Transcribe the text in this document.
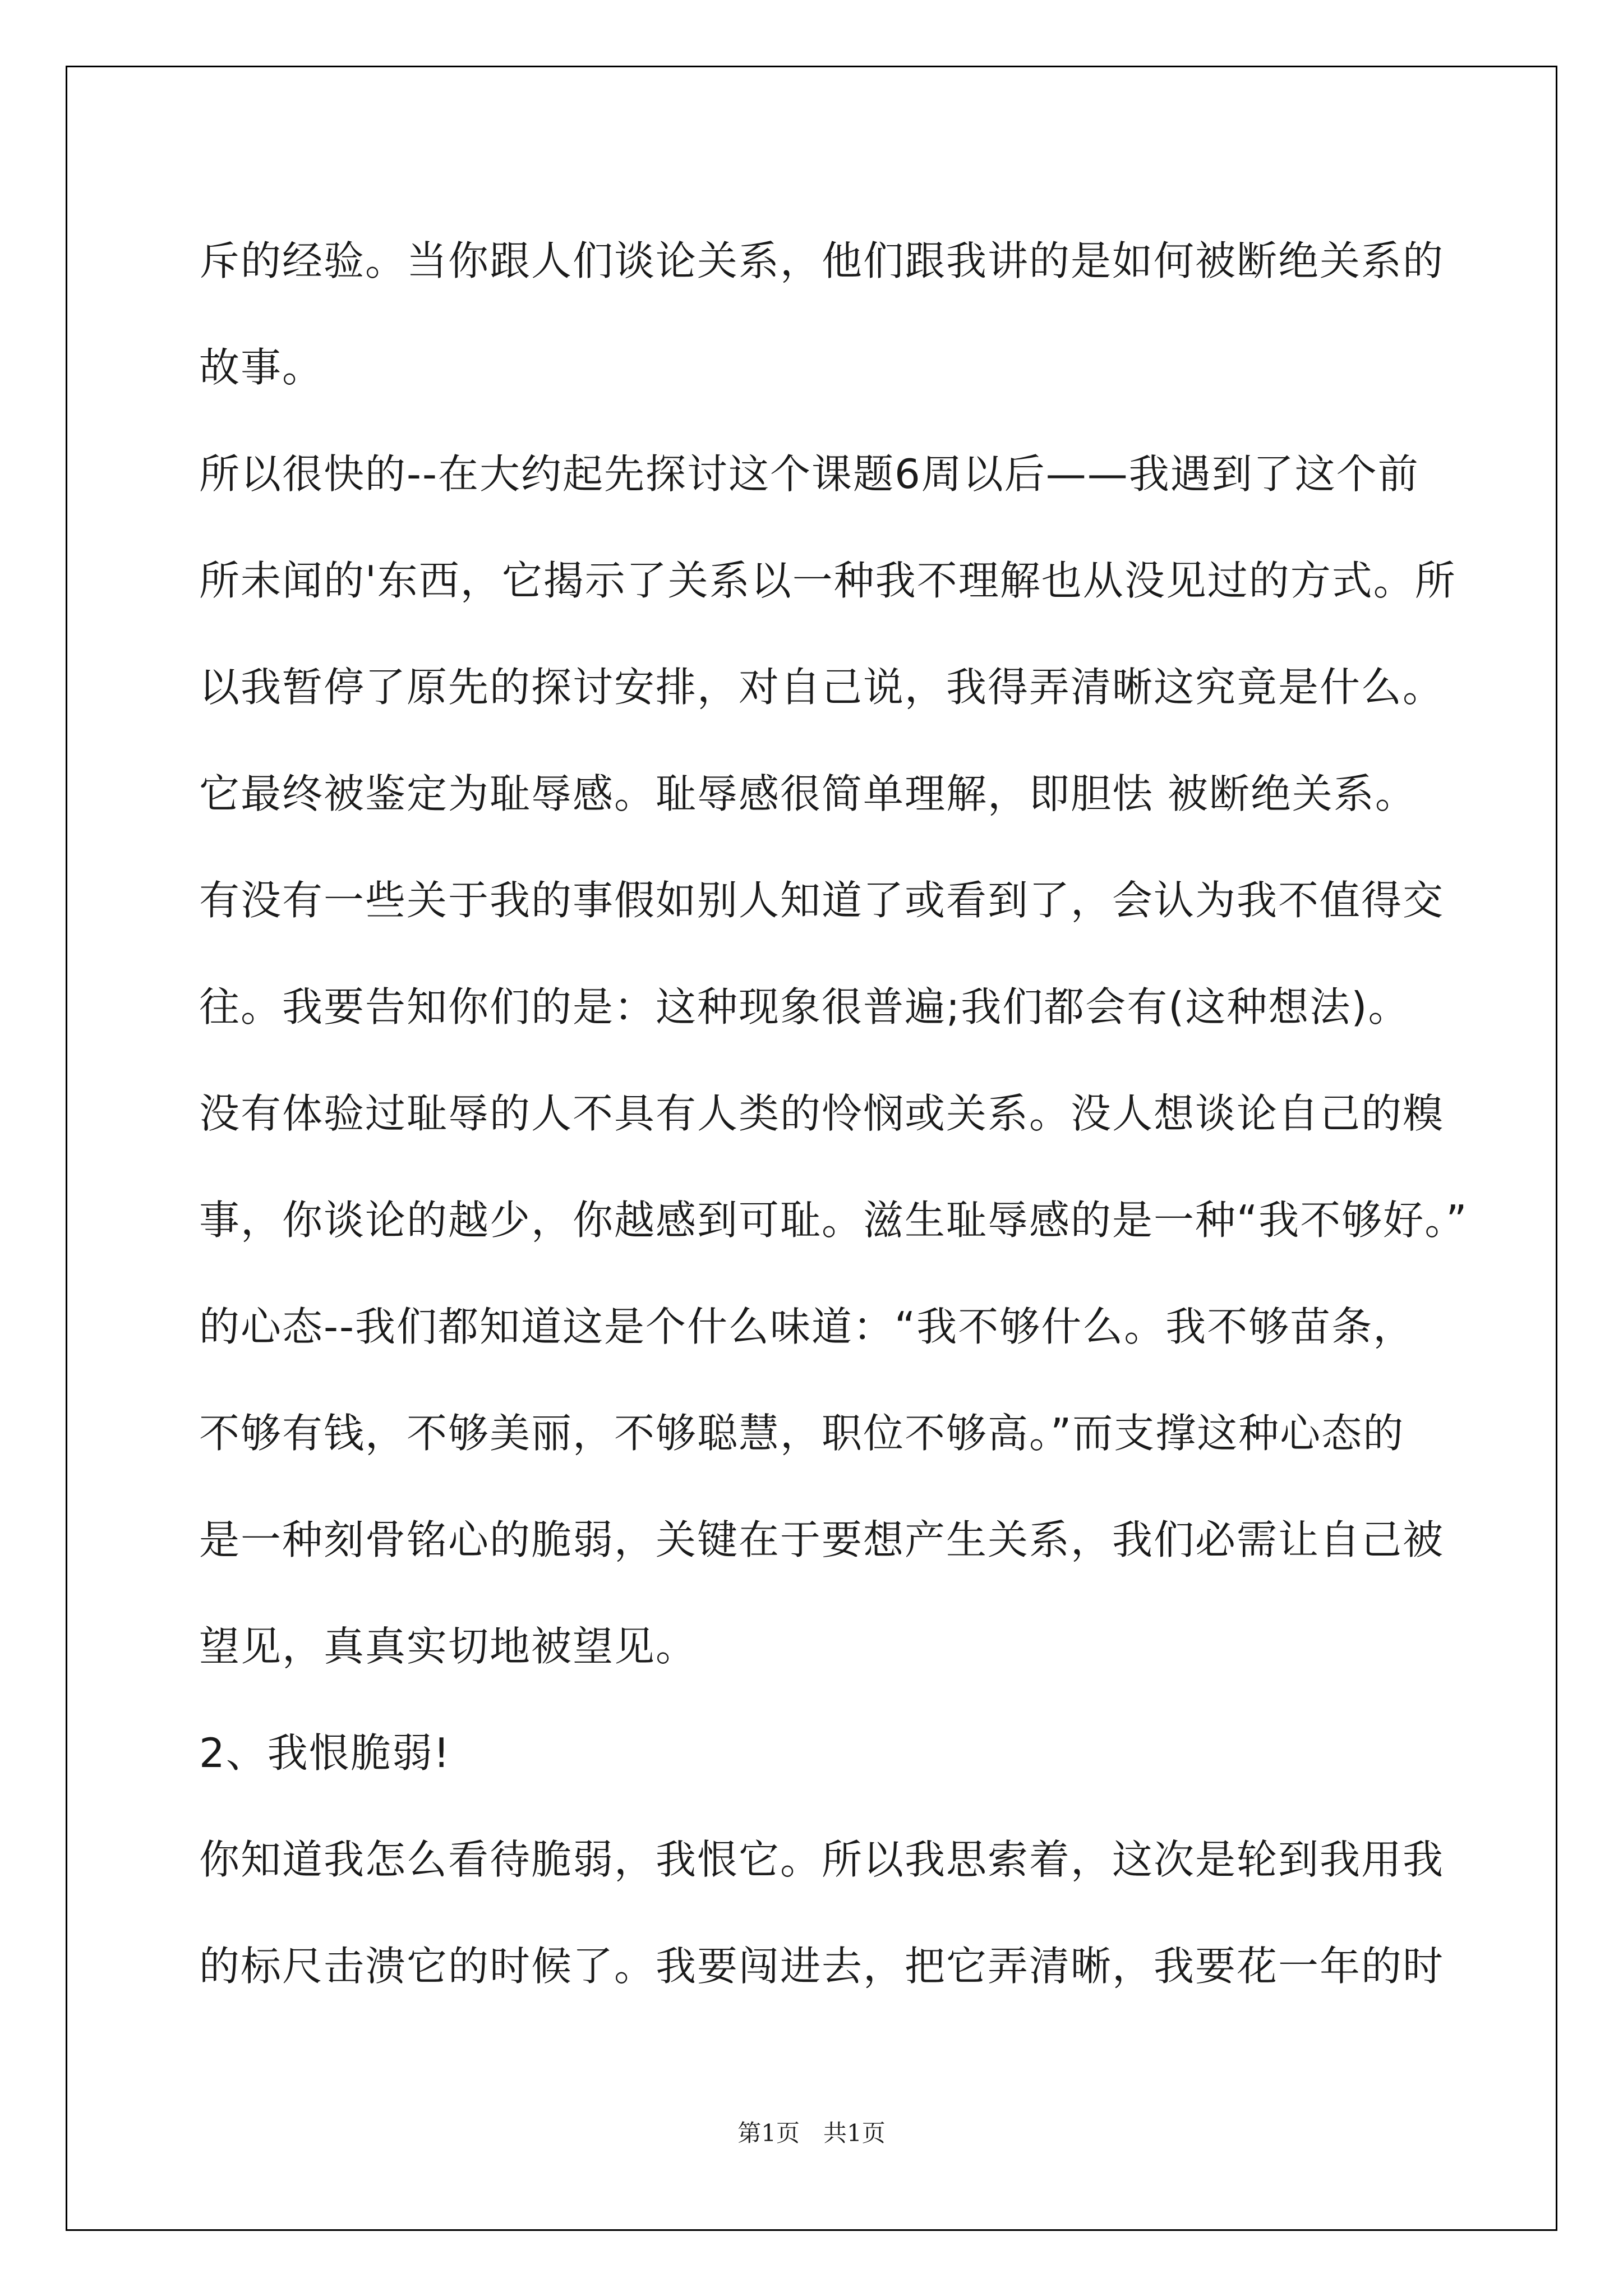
斥的经验。当你跟人们谈论关系，他们跟我讲的是如何被断绝关系的
故事。
所以很快的--在大约起先探讨这个课题6周以后——我遇到了这个前
所未闻的'东西，它揭示了关系以一种我不理解也从没见过的方式。所
以我暂停了原先的探讨安排，对自己说，我得弄清晰这究竟是什么。
它最终被鉴定为耻辱感。耻辱感很简单理解，即胆怯 被断绝关系。
有没有一些关于我的事假如别人知道了或看到了，会认为我不值得交
往。我要告知你们的是：这种现象很普遍;我们都会有(这种想法)。
没有体验过耻辱的人不具有人类的怜悯或关系。没人想谈论自己的糗
事，你谈论的越少，你越感到可耻。滋生耻辱感的是一种“我不够好。”
的心态--我们都知道这是个什么味道：“我不够什么。我不够苗条，
不够有钱，不够美丽，不够聪慧，职位不够高。”而支撑这种心态的
是一种刻骨铭心的脆弱，关键在于要想产生关系，我们必需让自己被
望见，真真实切地被望见。
2、我恨脆弱!
你知道我怎么看待脆弱，我恨它。所以我思索着，这次是轮到我用我
的标尺击溃它的时候了。我要闯进去，把它弄清晰，我要花一年的时
第1页　共1页
